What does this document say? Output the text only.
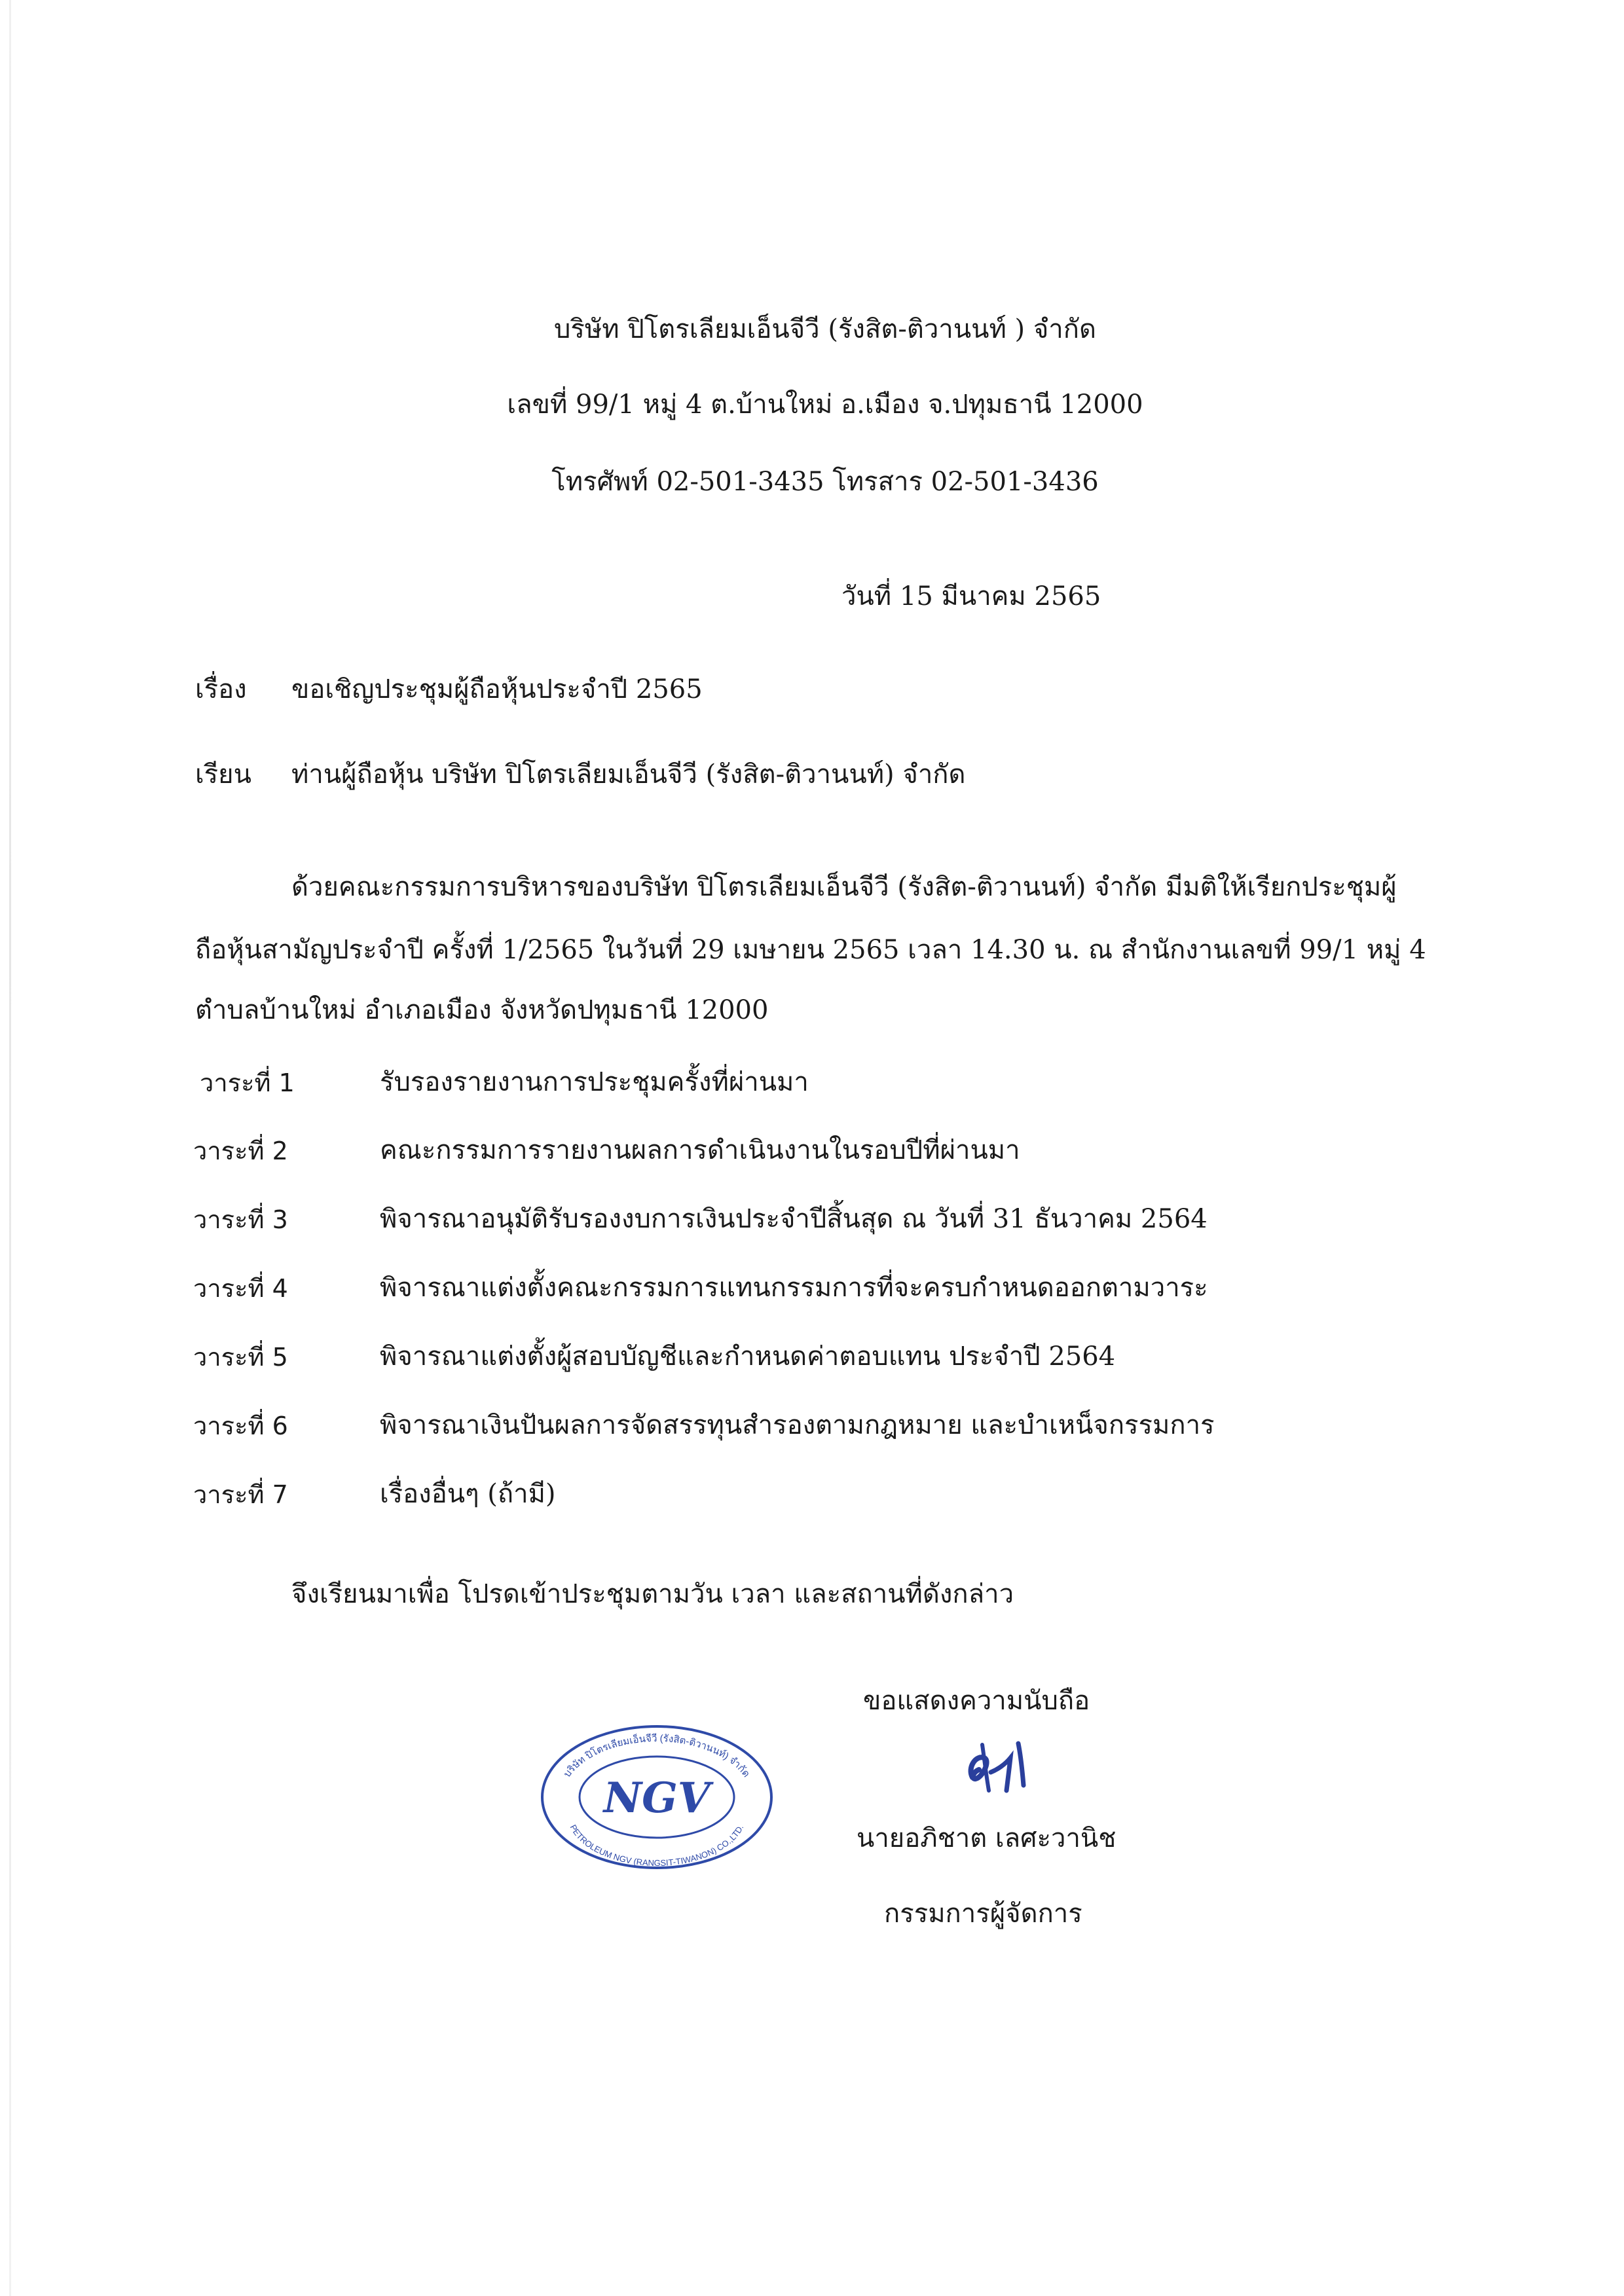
บริษัท ปิโตรเลียมเอ็นจีวี (รังสิต-ติวานนท์ ) จำกัด
เลขที่ 99/1 หมู่ 4 ต.บ้านใหม่ อ.เมือง จ.ปทุมธานี 12000
โทรศัพท์ 02-501-3435 โทรสาร 02-501-3436
วันที่ 15 มีนาคม 2565
เรื่อง ขอเชิญประชุมผู้ถือหุ้นประจำปี 2565
เรียน ท่านผู้ถือหุ้น บริษัท ปิโตรเลียมเอ็นจีวี (รังสิต-ติวานนท์) จำกัด
ด้วยคณะกรรมการบริหารของบริษัท ปิโตรเลียมเอ็นจีวี (รังสิต-ติวานนท์) จำกัด มีมติให้เรียกประชุมผู้
ถือหุ้นสามัญประจำปี ครั้งที่ 1/2565 ในวันที่ 29 เมษายน 2565 เวลา 14.30 น. ณ สำนักงานเลขที่ 99/1 หมู่ 4
ตำบลบ้านใหม่ อำเภอเมือง จังหวัดปทุมธานี 12000
วาระที่ 1	รับรองรายงานการประชุมครั้งที่ผ่านมา
วาระที่ 2	คณะกรรมการรายงานผลการดำเนินงานในรอบปีที่ผ่านมา
วาระที่ 3	พิจารณาอนุมัติรับรองงบการเงินประจำปีสิ้นสุด ณ วันที่ 31 ธันวาคม 2564
วาระที่ 4	พิจารณาแต่งตั้งคณะกรรมการแทนกรรมการที่จะครบกำหนดออกตามวาระ
วาระที่ 5	พิจารณาแต่งตั้งผู้สอบบัญชีและกำหนดค่าตอบแทน ประจำปี 2564
วาระที่ 6	พิจารณาเงินปันผลการจัดสรรทุนสำรองตามกฎหมาย และบำเหน็จกรรมการ
วาระที่ 7	เรื่องอื่นๆ (ถ้ามี)
จึงเรียนมาเพื่อ โปรดเข้าประชุมตามวัน เวลา และสถานที่ดังกล่าว
ขอแสดงความนับถือ
บริษัท ปิโตรเลียมเอ็นจีวี (รังสิต-ติวานนท์) จำกัด
PETROLEUM NGV (RANGSIT-TIWANON) CO.,LTD.
NGV
นายอภิชาต เลศะวานิช
กรรมการผู้จัดการ
